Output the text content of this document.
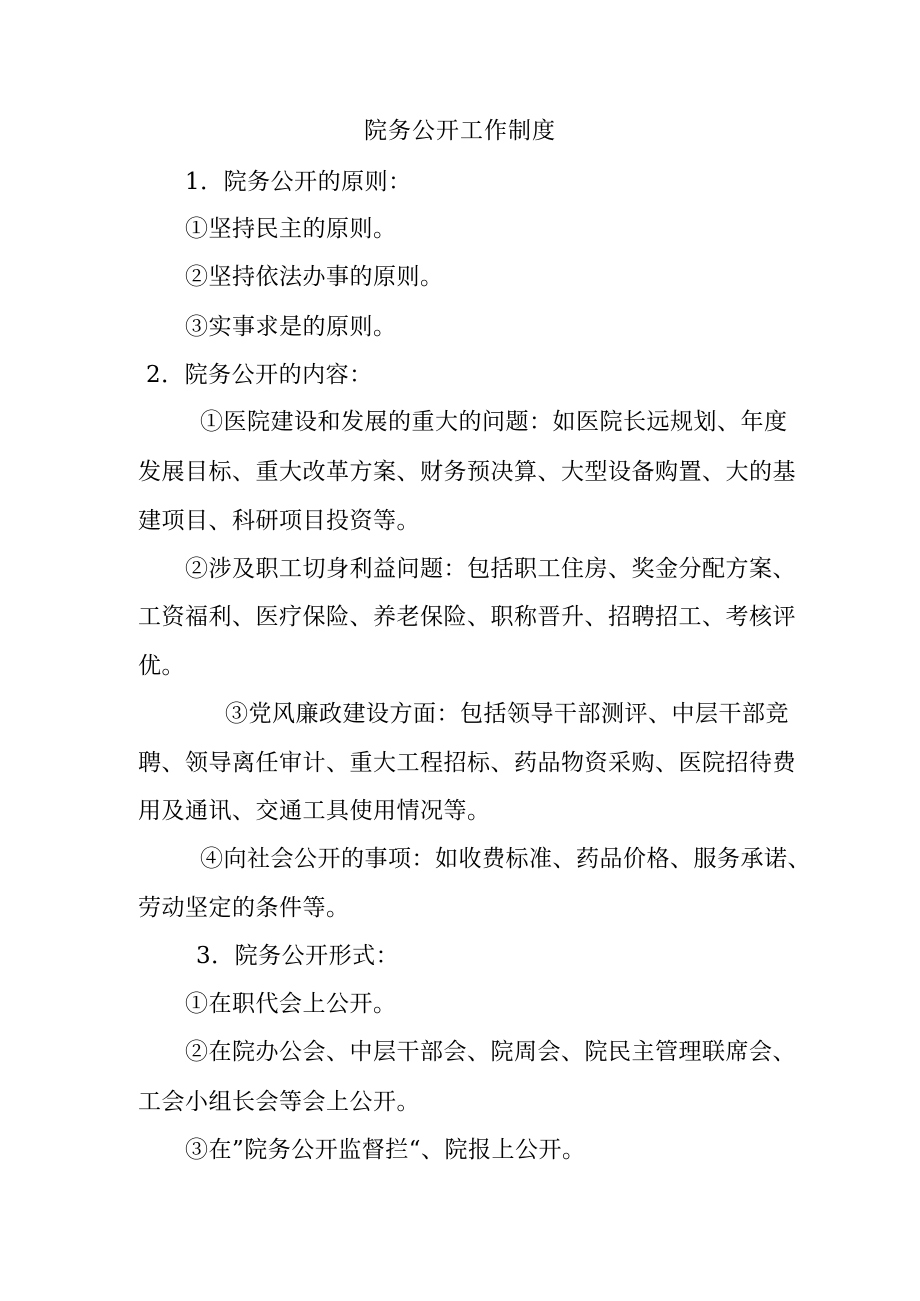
院务公开工作制度
1．院务公开的原则：
①坚持民主的原则。
②坚持依法办事的原则。
③实事求是的原则。
2．院务公开的内容：
①医院建设和发展的重大的问题：如医院长远规划、年度
发展目标、重大改革方案、财务预决算、大型设备购置、大的基
建项目、科研项目投资等。
②涉及职工切身利益问题：包括职工住房、奖金分配方案、
工资福利、医疗保险、养老保险、职称晋升、招聘招工、考核评
优。
③党风廉政建设方面：包括领导干部测评、中层干部竞
聘、领导离任审计、重大工程招标、药品物资采购、医院招待费
用及通讯、交通工具使用情况等。
④向社会公开的事项：如收费标准、药品价格、服务承诺、
劳动坚定的条件等。
3．院务公开形式：
①在职代会上公开。
②在院办公会、中层干部会、院周会、院民主管理联席会、
工会小组长会等会上公开。
③在”院务公开监督拦“、院报上公开。
